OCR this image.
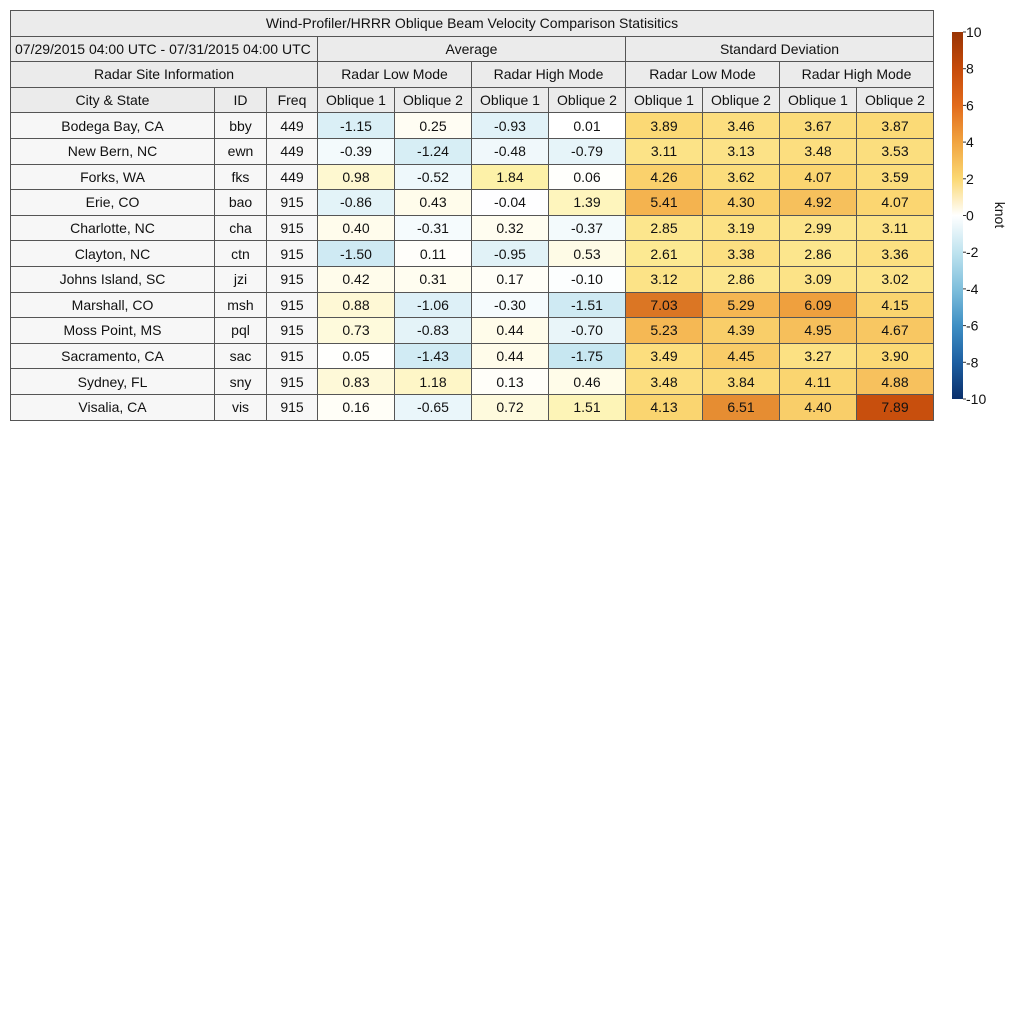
Wind-Profiler/HRRR Oblique Beam Velocity Comparison Statisitics										
07/29/2015 04:00 UTC - 07/31/2015 04:00 UTC			Average				Standard Deviation			
Radar Site Information			Radar Low Mode		Radar High Mode		Radar Low Mode		Radar High Mode	
City & State	ID	Freq	Oblique 1	Oblique 2	Oblique 1	Oblique 2	Oblique 1	Oblique 2	Oblique 1	Oblique 2
Bodega Bay, CA	bby	449	-1.15	0.25	-0.93	0.01	3.89	3.46	3.67	3.87
New Bern, NC	ewn	449	-0.39	-1.24	-0.48	-0.79	3.11	3.13	3.48	3.53
Forks, WA	fks	449	0.98	-0.52	1.84	0.06	4.26	3.62	4.07	3.59
Erie, CO	bao	915	-0.86	0.43	-0.04	1.39	5.41	4.30	4.92	4.07
Charlotte, NC	cha	915	0.40	-0.31	0.32	-0.37	2.85	3.19	2.99	3.11
Clayton, NC	ctn	915	-1.50	0.11	-0.95	0.53	2.61	3.38	2.86	3.36
Johns Island, SC	jzi	915	0.42	0.31	0.17	-0.10	3.12	2.86	3.09	3.02
Marshall, CO	msh	915	0.88	-1.06	-0.30	-1.51	7.03	5.29	6.09	4.15
Moss Point, MS	pql	915	0.73	-0.83	0.44	-0.70	5.23	4.39	4.95	4.67
Sacramento, CA	sac	915	0.05	-1.43	0.44	-1.75	3.49	4.45	3.27	3.90
Sydney, FL	sny	915	0.83	1.18	0.13	0.46	3.48	3.84	4.11	4.88
Visalia, CA	vis	915	0.16	-0.65	0.72	1.51	4.13	6.51	4.40	7.89
10
8
6
4
2
0
-2
-4
-6
-8
-10
knot
